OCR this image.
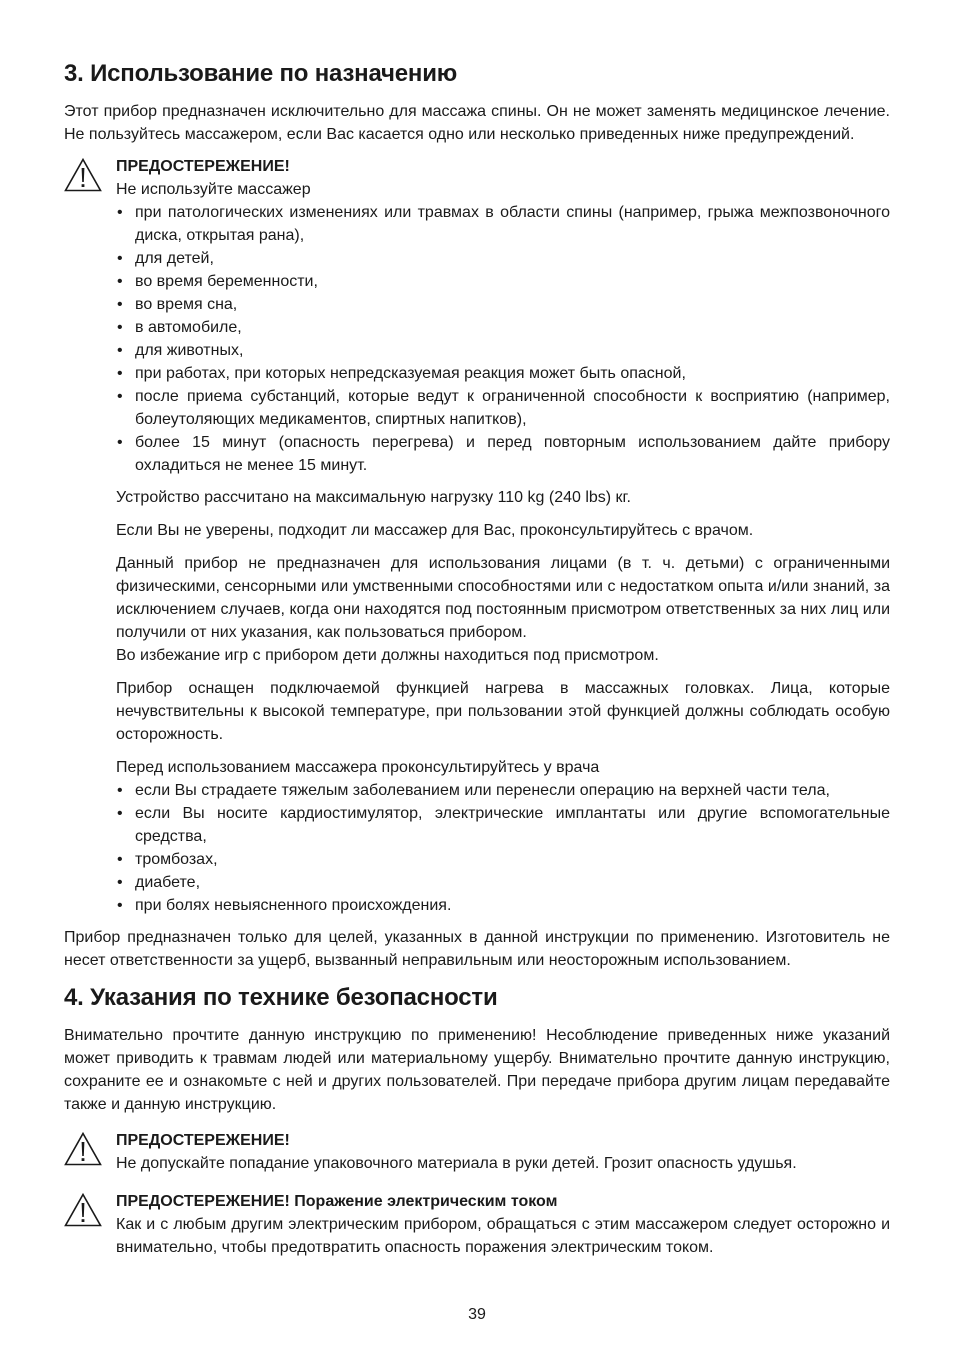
3. Использование по назначению

Этот прибор предназначен исключительно для массажа спины. Он не может заменять медицинское лечение. Не пользуйтесь массажером, если Вас касается одно или несколько приведенных ниже предупреждений.

ПРЕДОСТЕРЕЖЕНИЕ!

Не используйте массажер

• при патологических изменениях или травмах в области спины (например, грыжа межпозвоночного диска, открытая рана),
• для детей,
• во время беременности,
• во время сна,
• в автомобиле,
• для животных,
• при работах, при которых непредсказуемая реакция может быть опасной,
• после приема субстанций, которые ведут к ограниченной способности к восприятию (например, болеутоляющих медикаментов, спиртных напитков),
• более 15 минут (опасность перегрева) и перед повторным использованием дайте прибору охладиться не менее 15 минут.

Устройство рассчитано на максимальную нагрузку 110 kg (240 lbs) кг.

Если Вы не уверены, подходит ли массажер для Вас, проконсультируйтесь с врачом.

Данный прибор не предназначен для использования лицами (в т. ч. детьми) с ограниченными физическими, сенсорными или умственными способностями или с недостатком опыта и/или знаний, за исключением случаев, когда они находятся под постоянным присмотром ответственных за них лиц или получили от них указания, как пользоваться прибором.

Во избежание игр с прибором дети должны находиться под присмотром.

Прибор оснащен подключаемой функцией нагрева в массажных головках. Лица, которые нечувствительны к высокой температуре, при пользовании этой функцией должны соблюдать особую осторожность.

Перед использованием массажера проконсультируйтесь у врача

• если Вы страдаете тяжелым заболеванием или перенесли операцию на верхней части тела,
• если Вы носите кардиостимулятор, электрические имплантаты или другие вспомогательные средства,
• тромбозах,
• диабете,
• при болях невыясненного происхождения.

Прибор предназначен только для целей, указанных в данной инструкции по применению. Изготовитель не несет ответственности за ущерб, вызванный неправильным или неосторожным использованием.

4. Указания по технике безопасности

Внимательно прочтите данную инструкцию по применению! Несоблюдение приведенных ниже указаний может приводить к травмам людей или материальному ущербу. Внимательно прочтите данную инструкцию, сохраните ее и ознакомьте с ней и других пользователей. При передаче прибора другим лицам передавайте также и данную инструкцию.

ПРЕДОСТЕРЕЖЕНИЕ!

Не допускайте попадание упаковочного материала в руки детей. Грозит опасность удушья.

ПРЕДОСТЕРЕЖЕНИЕ! Поражение электрическим током

Как и с любым другим электрическим прибором, обращаться с этим массажером следует осторожно и внимательно, чтобы предотвратить опасность поражения электрическим током.

39
